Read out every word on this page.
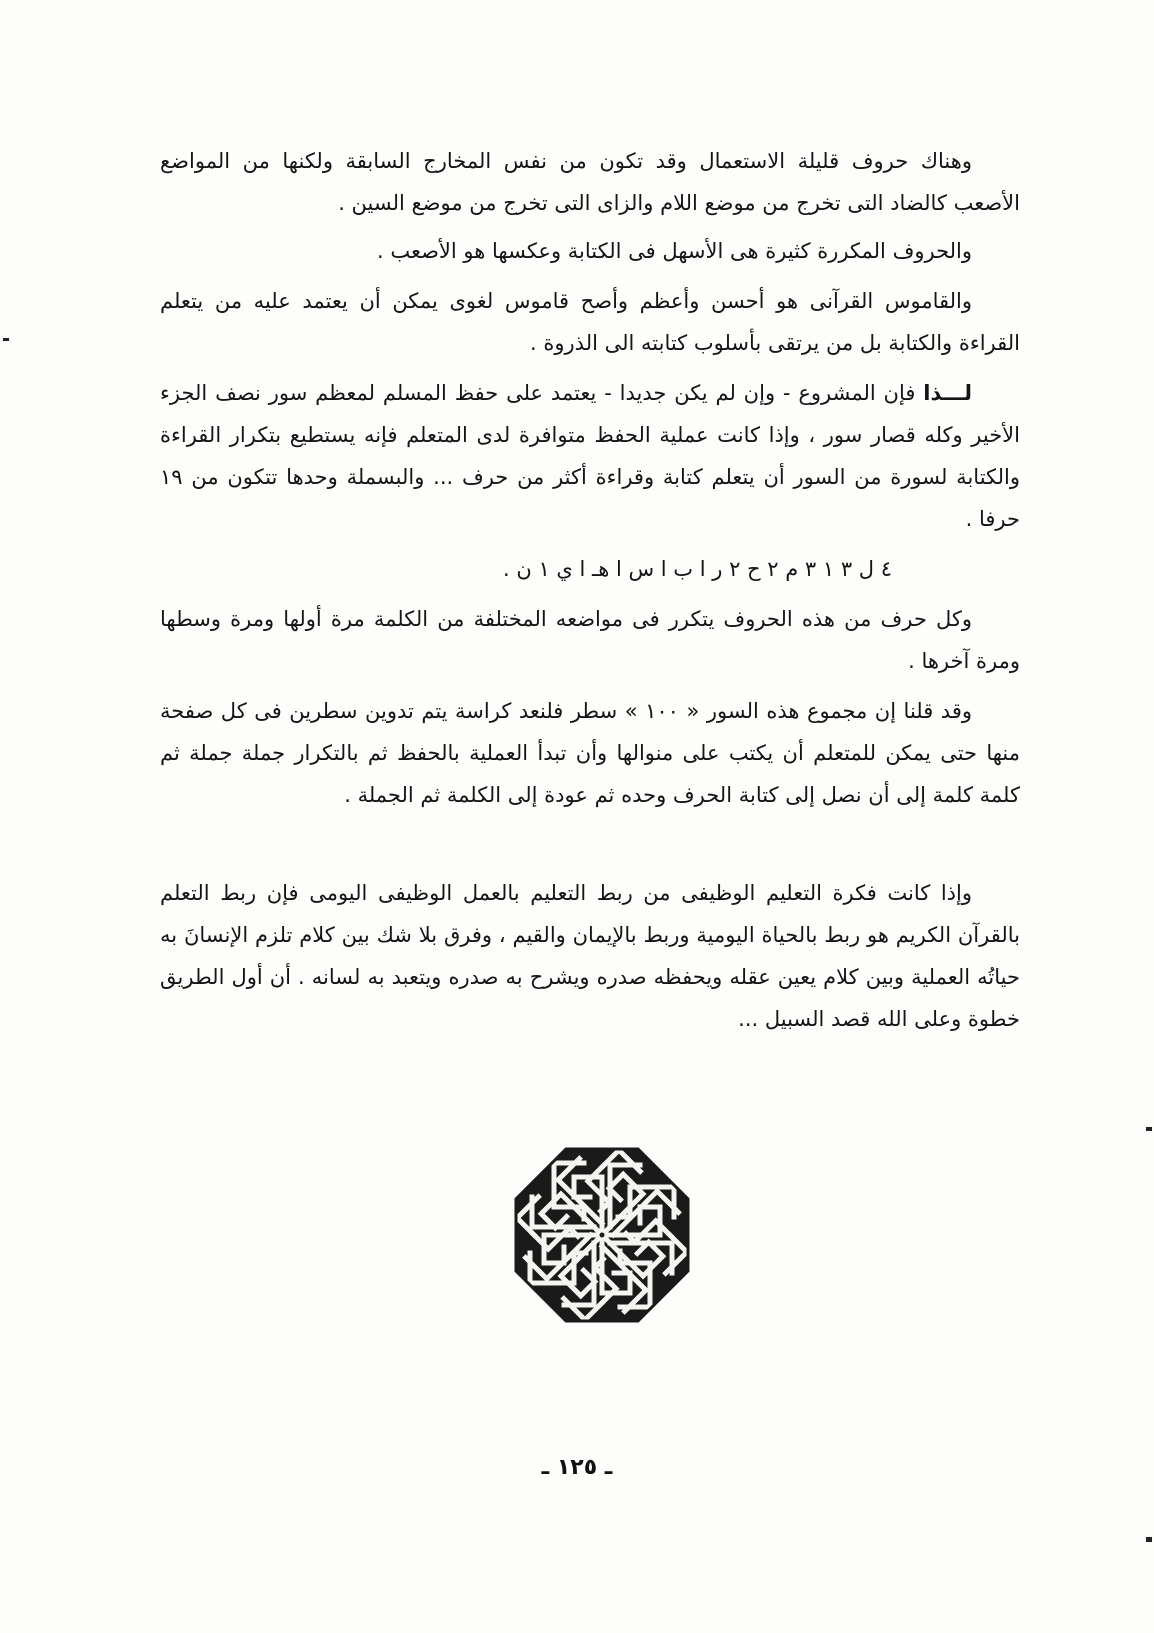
وهناك حروف قليلة الاستعمال وقد تكون من نفس المخارج السابقة ولكنها من المواضع الأصعب كالضاد التى تخرج من موضع اللام والزاى التى تخرج من موضع السين .

والحروف المكررة كثيرة هى الأسهل فى الكتابة وعكسها هو الأصعب .

والقاموس القرآنى هو أحسن وأعظم وأصح قاموس لغوى يمكن أن يعتمد عليه من يتعلم القراءة والكتابة بل من يرتقى بأسلوب كتابته الى الذروة .

لـــذا فإن المشروع - وإن لم يكن جديدا - يعتمد على حفظ المسلم لمعظم سور نصف الجزء الأخير وكله قصار سور ، وإذا كانت عملية الحفظ متوافرة لدى المتعلم فإنه يستطيع بتكرار القراءة والكتابة لسورة من السور أن يتعلم كتابة وقراءة أكثر من حرف ... والبسملة وحدها تتكون من ١٩ حرفا .

٤ ل ٣ ١ ٣ م ٢ ح ٢ ر ا ب ا س ا هـ ا ي ١ ن .

وكل حرف من هذه الحروف يتكرر فى مواضعه المختلفة من الكلمة مرة أولها ومرة وسطها ومرة آخرها .

وقد قلنا إن مجموع هذه السور « ١٠٠ » سطر فلنعد كراسة يتم تدوين سطرين فى كل صفحة منها حتى يمكن للمتعلم أن يكتب على منوالها وأن تبدأ العملية بالحفظ ثم بالتكرار جملة جملة ثم كلمة كلمة إلى أن نصل إلى كتابة الحرف وحده ثم عودة إلى الكلمة ثم الجملة .

وإذا كانت فكرة التعليم الوظيفى من ربط التعليم بالعمل الوظيفى اليومى فإن ربط التعلم بالقرآن الكريم هو ربط بالحياة اليومية وربط بالإيمان والقيم ، وفرق بلا شك بين كلام تلزم الإنسانَ به حياتُه العملية وبين كلام يعين عقله ويحفظه صدره ويشرح به صدره ويتعبد به لسانه . أن أول الطريق خطوة وعلى الله قصد السبيل ...

ـ ١٢٥ ـ
